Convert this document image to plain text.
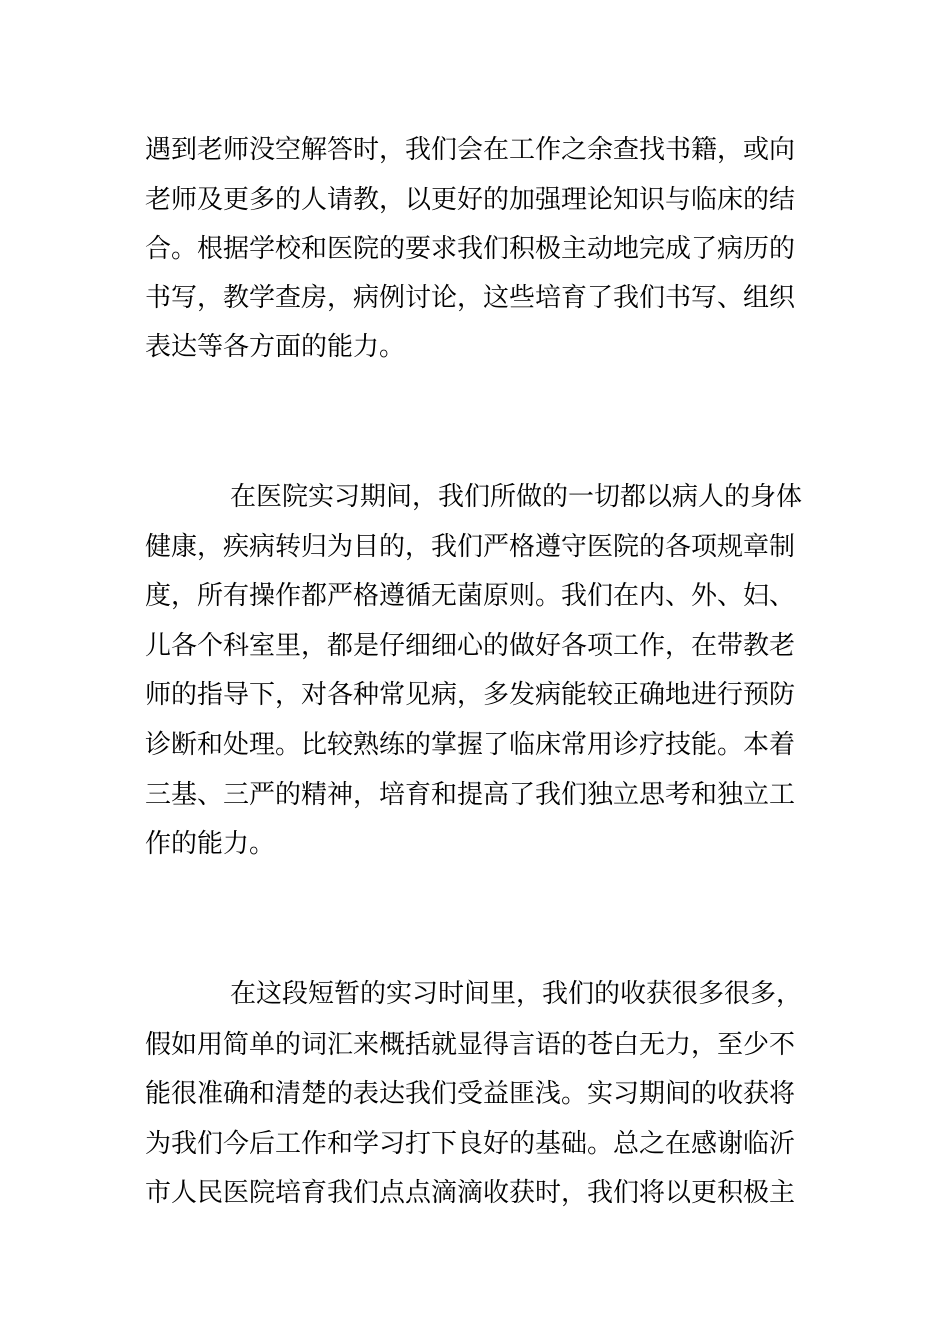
遇到老师没空解答时，我们会在工作之余查找书籍，或向

老师及更多的人请教，以更好的加强理论知识与临床的结

合。根据学校和医院的要求我们积极主动地完成了病历的

书写，教学查房，病例讨论，这些培育了我们书写、组织

表达等各方面的能力。

在医院实习期间，我们所做的一切都以病人的身体

健康，疾病转归为目的，我们严格遵守医院的各项规章制

度，所有操作都严格遵循无菌原则。我们在内、外、妇、

儿各个科室里，都是仔细细心的做好各项工作，在带教老

师的指导下，对各种常见病，多发病能较正确地进行预防

诊断和处理。比较熟练的掌握了临床常用诊疗技能。本着

三基、三严的精神，培育和提高了我们独立思考和独立工

作的能力。

在这段短暂的实习时间里，我们的收获很多很多，

假如用简单的词汇来概括就显得言语的苍白无力，至少不

能很准确和清楚的表达我们受益匪浅。实习期间的收获将

为我们今后工作和学习打下良好的基础。总之在感谢临沂

市人民医院培育我们点点滴滴收获时，我们将以更积极主
